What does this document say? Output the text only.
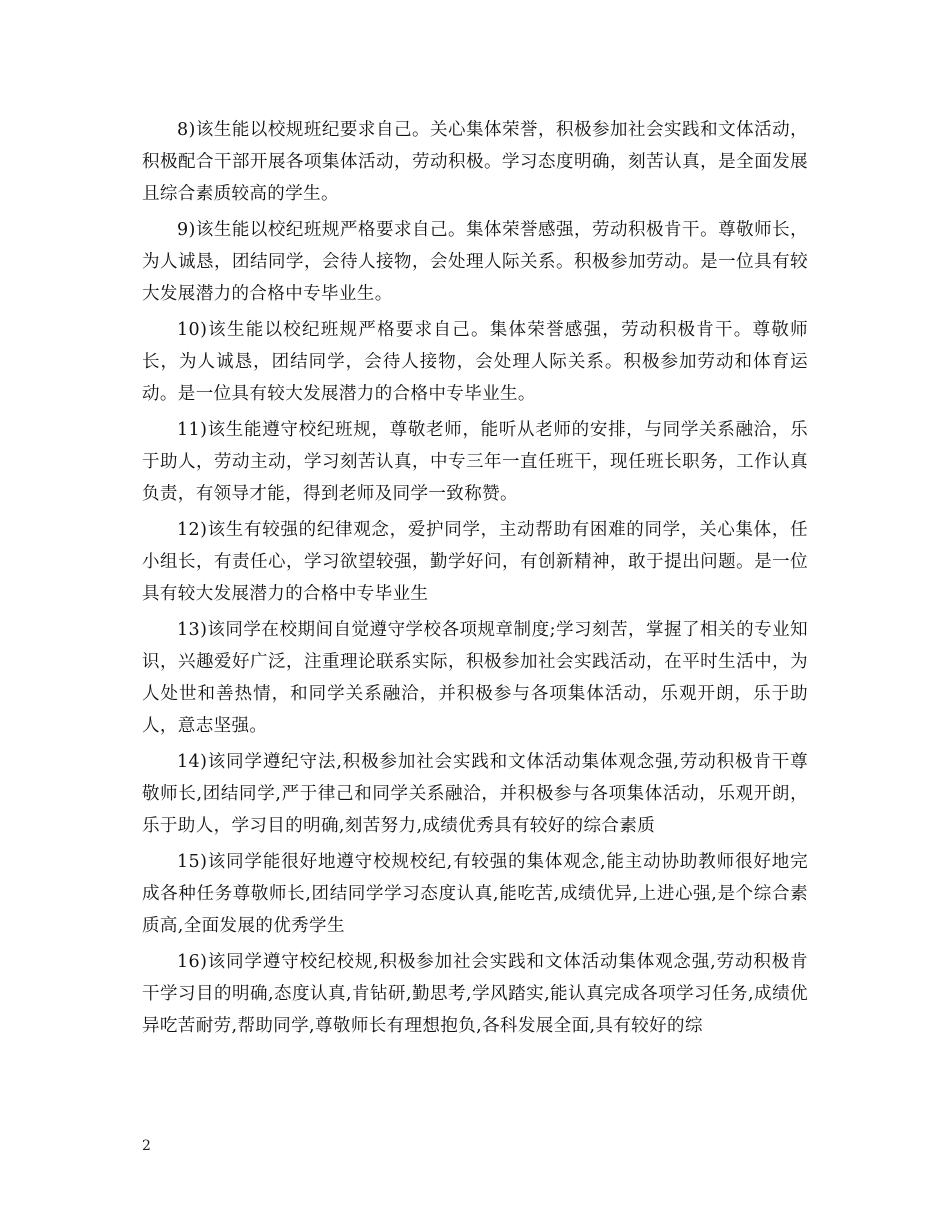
8)该生能以校规班纪要求自己。关心集体荣誉，积极参加社会实践和文体活动，积极配合干部开展各项集体活动，劳动积极。学习态度明确，刻苦认真，是全面发展且综合素质较高的学生。

9)该生能以校纪班规严格要求自己。集体荣誉感强，劳动积极肯干。尊敬师长，为人诚恳，团结同学，会待人接物，会处理人际关系。积极参加劳动。是一位具有较大发展潜力的合格中专毕业生。

10)该生能以校纪班规严格要求自己。集体荣誉感强，劳动积极肯干。尊敬师长，为人诚恳，团结同学，会待人接物，会处理人际关系。积极参加劳动和体育运动。是一位具有较大发展潜力的合格中专毕业生。

11)该生能遵守校纪班规，尊敬老师，能听从老师的安排，与同学关系融洽，乐于助人，劳动主动，学习刻苦认真，中专三年一直任班干，现任班长职务，工作认真负责，有领导才能，得到老师及同学一致称赞。

12)该生有较强的纪律观念，爱护同学，主动帮助有困难的同学，关心集体，任小组长，有责任心，学习欲望较强，勤学好问，有创新精神，敢于提出问题。是一位具有较大发展潜力的合格中专毕业生

13)该同学在校期间自觉遵守学校各项规章制度;学习刻苦，掌握了相关的专业知识，兴趣爱好广泛，注重理论联系实际，积极参加社会实践活动，在平时生活中，为人处世和善热情，和同学关系融洽，并积极参与各项集体活动，乐观开朗，乐于助人，意志坚强。

14)该同学遵纪守法,积极参加社会实践和文体活动集体观念强,劳动积极肯干尊敬师长,团结同学,严于律己和同学关系融洽，并积极参与各项集体活动，乐观开朗，乐于助人，学习目的明确,刻苦努力,成绩优秀具有较好的综合素质

15)该同学能很好地遵守校规校纪,有较强的集体观念,能主动协助教师很好地完成各种任务尊敬师长,团结同学学习态度认真,能吃苦,成绩优异,上进心强,是个综合素质高,全面发展的优秀学生

16)该同学遵守校纪校规,积极参加社会实践和文体活动集体观念强,劳动积极肯干学习目的明确,态度认真,肯钻研,勤思考,学风踏实,能认真完成各项学习任务,成绩优异吃苦耐劳,帮助同学,尊敬师长有理想抱负,各科发展全面,具有较好的综

2
